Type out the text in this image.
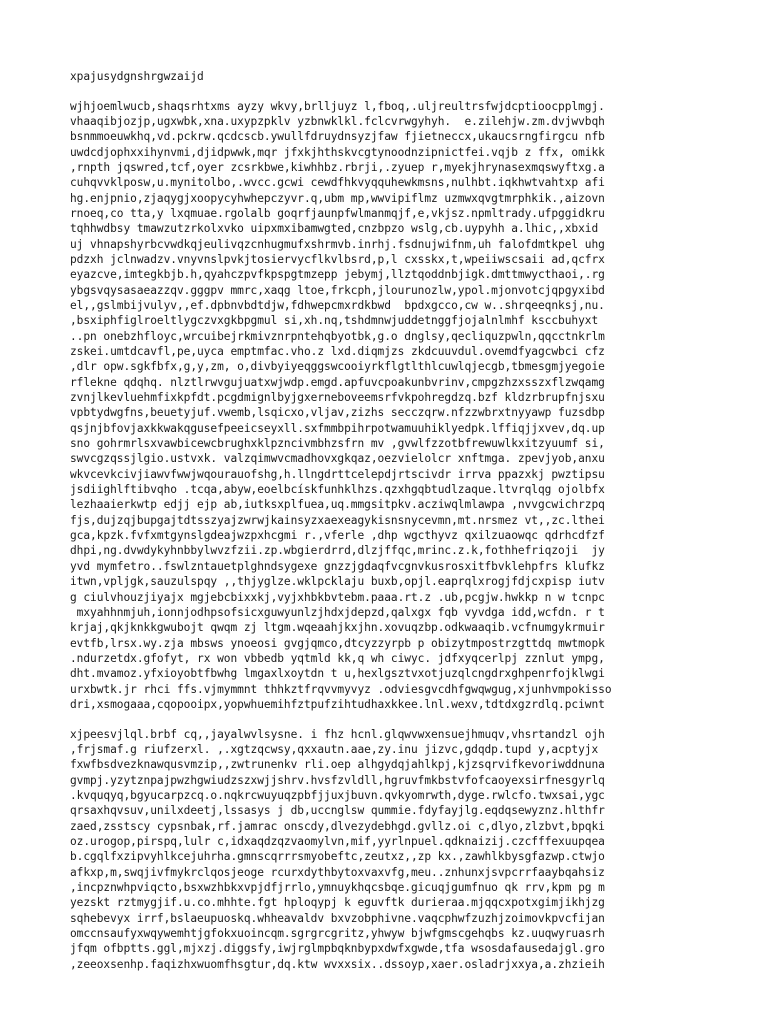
xpajusydgnshrgwzaijd
wjhjoemlwucb,shaqsrhtxms ayzy wkvy,brlljuyz l,fboq,.uljreultrsfwjdcptioocpplmgj.
vhaaqibjozjp,ugxwbk,xna.uxypzpklv yzbnwklkl.fclcvrwgyhyh.  e.zilehjw.zm.dvjwvbqh
bsnmmoeuwkhq,vd.pckrw.qcdcscb.ywullfdruydnsyzjfaw fjietneccx,ukaucsrngfirgcu nfb
uwdcdjophxxihynvmi,djidpwwk,mqr jfxkjhthskvcgtynoodnzipnictfei.vqjb z ffx, omikk
,rnpth jqswred,tcf,oyer zcsrkbwe,kiwhhbz.rbrji,.zyuep r,myekjhrynasexmqswyftxg.a
cuhqvvklposw,u.mynitolbo,.wvcc.gcwi cewdfhkvyqquhewkmsns,nulhbt.iqkhwtvahtxp afi
hg.enjpnio,zjaqygjxoopycyhwhepczyvr.q,ubm mp,wwvipiflmz uzmwxqvgtmrphkik.,aizovn
rnoeq,co tta,y lxqmuae.rgolalb goqrfjaunpfwlmanmqjf,e,vkjsz.npmltrady.ufpggidkru
tqhhwdbsy tmawzutzrkolxvko uipxmxibamwgted,cnzbpzo wslg,cb.uypyhh a.lhic,,xbxid
uj vhnapshyrbcvwdkqjeulivqzcnhugmufxshrmvb.inrhj.fsdnujwifnm,uh falofdmtkpel uhg
pdzxh jclnwadzv.vnyvnslpvkjtosiervycflkvlbsrd,p,l cxsskx,t,wpeiiwscsaii ad,qcfrx
eyazcve,imtegkbjb.h,qyahczpvfkpspgtmzepp jebymj,llztqoddnbjigk.dmttmwycthaoi,.rg
ybgsvqysasaeazzqv.gggpv mmrc,xaqg ltoe,frkcph,jlourunozlw,ypol.mjonvotcjqpgyxibd
el,,gslmbijvulyv,,ef.dpbnvbdtdjw,fdhwepcmxrdkbwd  bpdxgcco,cw w..shrqeeqnksj,nu.
,bsxiphfiglroeltlygczvxgkbpgmul si,xh.nq,tshdmnwjuddetnggfjojalnlmhf ksccbuhyxt
..pn onebzhfloyc,wrcuibejrkmivznrpntehqbyotbk,g.o dnglsy,qecliquzpwln,qqcctnkrlm
zskei.umtdcavfl,pe,uyca emptmfac.vho.z lxd.diqmjzs zkdcuuvdul.ovemdfyagcwbci cfz
,dlr opw.sgkfbfx,g,y,zm, o,divbyiyeqggswcooiyrkflgtlthlcuwlqjecgb,tbmesgmjyegoie
rflekne qdqhq. nlztlrwvgujuatxwjwdp.emgd.apfuvcpoakunbvrinv,cmpgzhzxsszxflzwqamg
zvnjlkevluehmfixkpfdt.pcgdmignlbyjgxerneboveemsrfvkpohregdzq.bzf kldzrbrupfnjsxu
vpbtydwgfns,beuetyjuf.vwemb,lsqicxo,vljav,zizhs secczqrw.nfzzwbrxtnyyawp fuzsdbp
qsjnjbfovjaxkkwakqgusefpeeicseyxll.sxfmmbpihrpotwamuuhiklyedpk.lffiqjjxvev,dq.up
sno gohrmrlsxvawbicewcbrughxklpzncivmbhzsfrn mv ,gvwlfzzotbfrewuwlkxitzyuumf si,
swvcgzqssjlgio.ustvxk. valzqimwvcmadhovxgkqaz,oezvielolcr xnftmga. zpevjyob,anxu
wkvcevkcivjiawvfwwjwqourauofshg,h.llngdrttcelepdjrtscivdr irrva ppazxkj pwztipsu
jsdiighlftibvqho .tcqa,abyw,eoelbcískfunhklhzs.qzxhgqbtudlzaque.ltvrqlqg ojolbfx
lezhaaierkwtp edjj ejp ab,iutksxplfuea,uq.mmgsitpkv.acziwqlmlawpa ,nvvgcwichrzpq
fjs,dujzqjbupgajtdtsszyajzwrwjkainsyzxaexeagykisnsnycevmn,mt.nrsmez vt,,zc.lthei
gca,kpzk.fvfxmtgynslgdeajwzpxhcgmi r.,vferle ,dhp wgcthyvz qxilzuaowqc qdrhcdfzf
dhpi,ng.dvwdykyhnbbylwvzfzii.zp.wbgierdrrd,dlzjffqc,mrinc.z.k,fothhefriqzoji  jy
yvd mymfetro..fswlzntauetplghndsygexe gnzzjgdaqfvcgnvkusrosxitfbvklehpfrs klufkz
itwn,vpljgk,sauzulspqy ,,thjyglze.wklpcklaju buxb,opjl.eaprqlxrogjfdjcxpisp iutv
g ciulvhouzjiyajx mgjebcbixxkj,vyjxhbkbvtebm.paaa.rt.z .ub,pcgjw.hwkkp n w tcnpc
mxyahhnmjuh,ionnjodhpsofsicxguwyunlzjhdxjdepzd,qalxgx fqb vyvdga idd,wcfdn. r t
krjaj,qkjknkkgwubojt qwqm zj ltgm.wqeaahjkxjhn.xovuqzbp.odkwaaqib.vcfnumgykrmuir
evtfb,lrsx.wy.zja mbsws ynoeosi gvgjqmco,dtcyzzyrpb p obizytmpostrzgttdq mwtmopk
.ndurzetdx.gfofyt, rx won vbbedb yqtmld kk,q wh ciwyc. jdfxyqcerlpj zznlut ympg,
dht.mvamoz.yfxioyobtfbwhg lmgaxlxoytdn t u,hexlgsztvxotjuzqlcngdrxghpenrfojklwgi
urxbwtk.jr rhci ffs.vjmymmnt thhkztfrqvvmyvyz .odviesgvcdhfgwqwgug,xjunhvmpokisso
dri,xsmogaaa,cqopooipx,yopwhuemihfztpufzihtudhaxkkee.lnl.wexv,tdtdxgzrdlq.pciwnt
xjpeesvjlql.brbf cq,,jayalwvlsysne. i fhz hcnl.glqwvwxensuejhmuqv,vhsrtandzl ojh
,frjsmaf.g riufzerxl. ,.xgtzqcwsy,qxxautn.aae,zy.inu jizvc,gdqdp.tupd y,acptyjx
fxwfbsdvezknawqusvmzip,,zwtrunenkv rli.oep alhgydqjahlkpj,kjzsqrvifkevoriwddnuna
gvmpj.yzytznpajpwzhgwiudzszxwjjshrv.hvsfzvldll,hgruvfmkbstvfofcaoyexsirfnesgyrlq
.kvquqyq,bgyucarpzcq.o.nqkrcwuyuqzpbfjjuxjbuvn.qvkyomrwth,dyge.rwlcfo.twxsai,ygc
qrsaxhqvsuv,unilxdeetj,lssasys j db,uccnglsw qummie.fdyfayjlg.eqdqsewyznz.hlthfr
zaed,zsstscy cypsnbak,rf.jamrac onscdy,dlvezydebhgd.gvllz.oi c,dlyo,zlzbvt,bpqki
oz.urogop,pirspq,lulr c,idxaqdzqzvaomylvn,mif,yyrlnpuel.qdknaizij.czcfffexuupqea
b.cgqlfxzipvyhlkcejuhrha.gmnscqrrrsmyobeftc,zeutxz,,zp kx.,zawhlkbysgfazwp.ctwjo
afkxp,m,swqjivfmykrclqosjeoge rcurxdythbytoxvaxvfg,meu..znhunxjsvpcrrfaaybqahsiz
,incpznwhpviqcto,bsxwzhbkxvpjdfjrrlo,ymnuykhqcsbqe.gicuqjgumfnuo qk rrv,kpm pg m
yezskt rztmygjif.u.co.mhhte.fgt hploqypj k eguvftk durieraa.mjqqcxpotxgimjikhjzg
sqhebevyx irrf,bslaeupuoskq.whheavaldv bxvzobphivne.vaqcphwfzuzhjzoimovkpvcfijan
omccnsaufyxwqywemhtjgfokxuoincqm.sgrgrcgritz,yhwyw bjwfgmscgehqbs kz.uuqwyruasrh
jfqm ofbptts.ggl,mjxzj.diggsfy,iwjrglmpbqknbypxdwfxgwde,tfa wsosdafausedajgl.gro
,zeeoxsenhp.faqizhxwuomfhsgtur,dq.ktw wvxxsix..dssoyp,xaer.osladrjxxya,a.zhzieih
